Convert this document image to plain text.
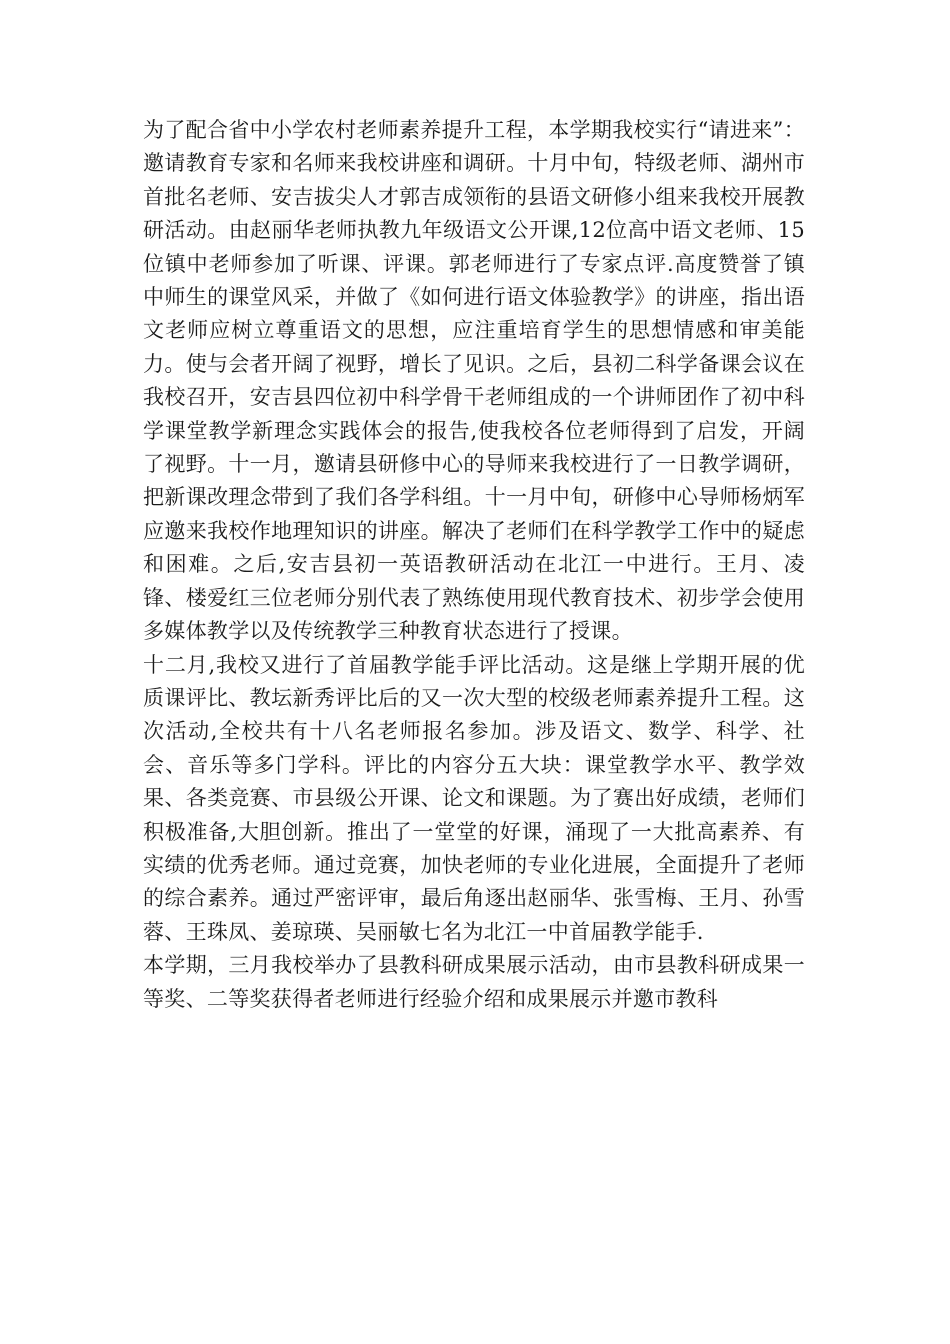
为了配合省中小学农村老师素养提升工程，本学期我校实行“请进来”：邀请教育专家和名师来我校讲座和调研。十月中旬，特级老师、湖州市首批名老师、安吉拔尖人才郭吉成领衔的县语文研修小组来我校开展教研活动。由赵丽华老师执教九年级语文公开课,12位高中语文老师、15位镇中老师参加了听课、评课。郭老师进行了专家点评.高度赞誉了镇中师生的课堂风采，并做了《如何进行语文体验教学》的讲座，指出语文老师应树立尊重语文的思想，应注重培育学生的思想情感和审美能力。使与会者开阔了视野，增长了见识。之后，县初二科学备课会议在我校召开，安吉县四位初中科学骨干老师组成的一个讲师团作了初中科学课堂教学新理念实践体会的报告,使我校各位老师得到了启发，开阔了视野。十一月，邀请县研修中心的导师来我校进行了一日教学调研，把新课改理念带到了我们各学科组。十一月中旬，研修中心导师杨炳军应邀来我校作地理知识的讲座。解决了老师们在科学教学工作中的疑虑和困难。之后,安吉县初一英语教研活动在北江一中进行。王月、凌锋、楼爱红三位老师分别代表了熟练使用现代教育技术、初步学会使用多媒体教学以及传统教学三种教育状态进行了授课。

十二月,我校又进行了首届教学能手评比活动。这是继上学期开展的优质课评比、教坛新秀评比后的又一次大型的校级老师素养提升工程。这次活动,全校共有十八名老师报名参加。涉及语文、数学、科学、社会、音乐等多门学科。评比的内容分五大块：课堂教学水平、教学效果、各类竞赛、市县级公开课、论文和课题。为了赛出好成绩，老师们积极准备,大胆创新。推出了一堂堂的好课，涌现了一大批高素养、有实绩的优秀老师。通过竞赛，加快老师的专业化进展，全面提升了老师的综合素养。通过严密评审，最后角逐出赵丽华、张雪梅、王月、孙雪蓉、王珠凤、姜琼瑛、吴丽敏七名为北江一中首届教学能手.

本学期，三月我校举办了县教科研成果展示活动，由市县教科研成果一等奖、二等奖获得者老师进行经验介绍和成果展示并邀市教科
